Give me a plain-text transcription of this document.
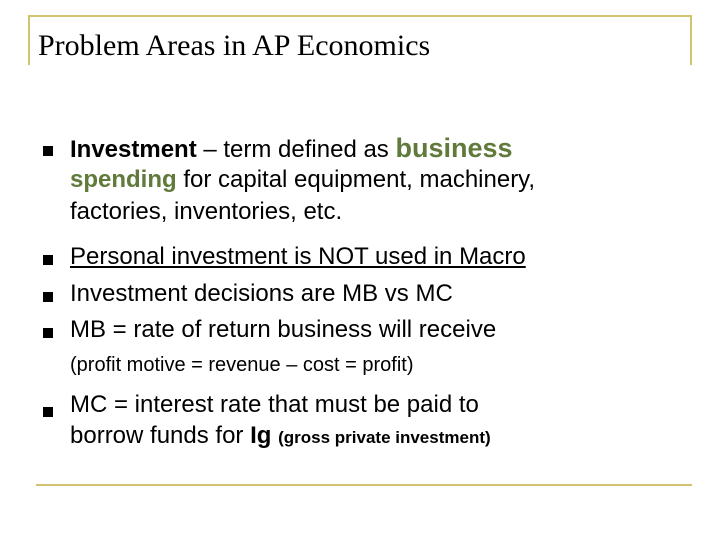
Problem Areas in AP Economics
Investment – term defined as business
spending for capital equipment, machinery,
factories, inventories, etc.
Personal investment is NOT used in Macro
Investment decisions are MB vs MC
MB = rate of return business will receive
(profit motive = revenue – cost = profit)
MC = interest rate that must be paid to
borrow funds for Ig (gross private investment)
